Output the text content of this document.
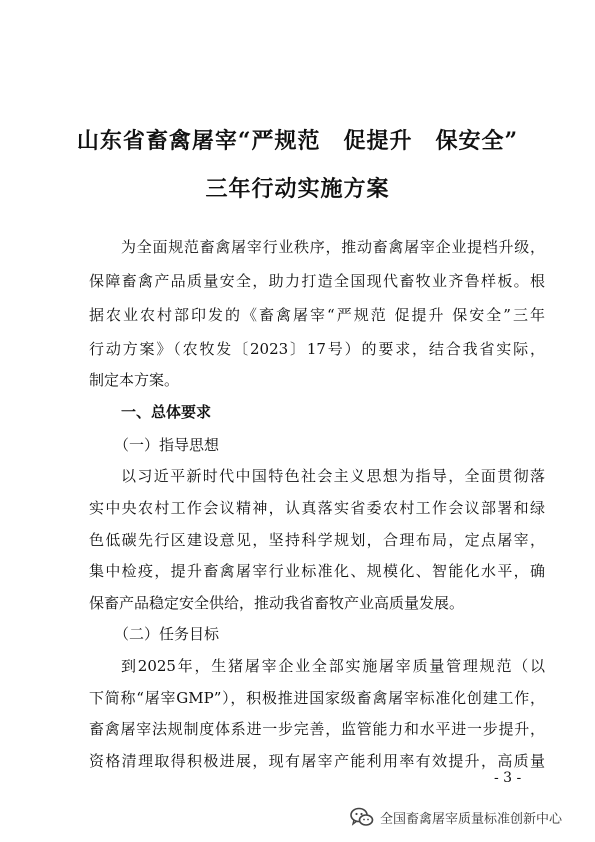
山东省畜禽屠宰“严规范　促提升　保安全”
三年行动实施方案
为全面规范畜禽屠宰行业秩序，推动畜禽屠宰企业提档升级，
保障畜禽产品质量安全，助力打造全国现代畜牧业齐鲁样板。根
据农业农村部印发的《畜禽屠宰“严规范 促提升 保安全”三年
行动方案》（农牧发〔2023〕17号）的要求，结合我省实际，
制定本方案。
一、总体要求
（一）指导思想
以习近平新时代中国特色社会主义思想为指导，全面贯彻落
实中央农村工作会议精神，认真落实省委农村工作会议部署和绿
色低碳先行区建设意见，坚持科学规划，合理布局，定点屠宰，
集中检疫，提升畜禽屠宰行业标准化、规模化、智能化水平，确
保畜产品稳定安全供给，推动我省畜牧产业高质量发展。
（二）任务目标
到2025年，生猪屠宰企业全部实施屠宰质量管理规范（以
下简称“屠宰GMP”），积极推进国家级畜禽屠宰标准化创建工作，
畜禽屠宰法规制度体系进一步完善，监管能力和水平进一步提升，
资格清理取得积极进展，现有屠宰产能利用率有效提升，高质量
- 3 -
全国畜禽屠宰质量标准创新中心
